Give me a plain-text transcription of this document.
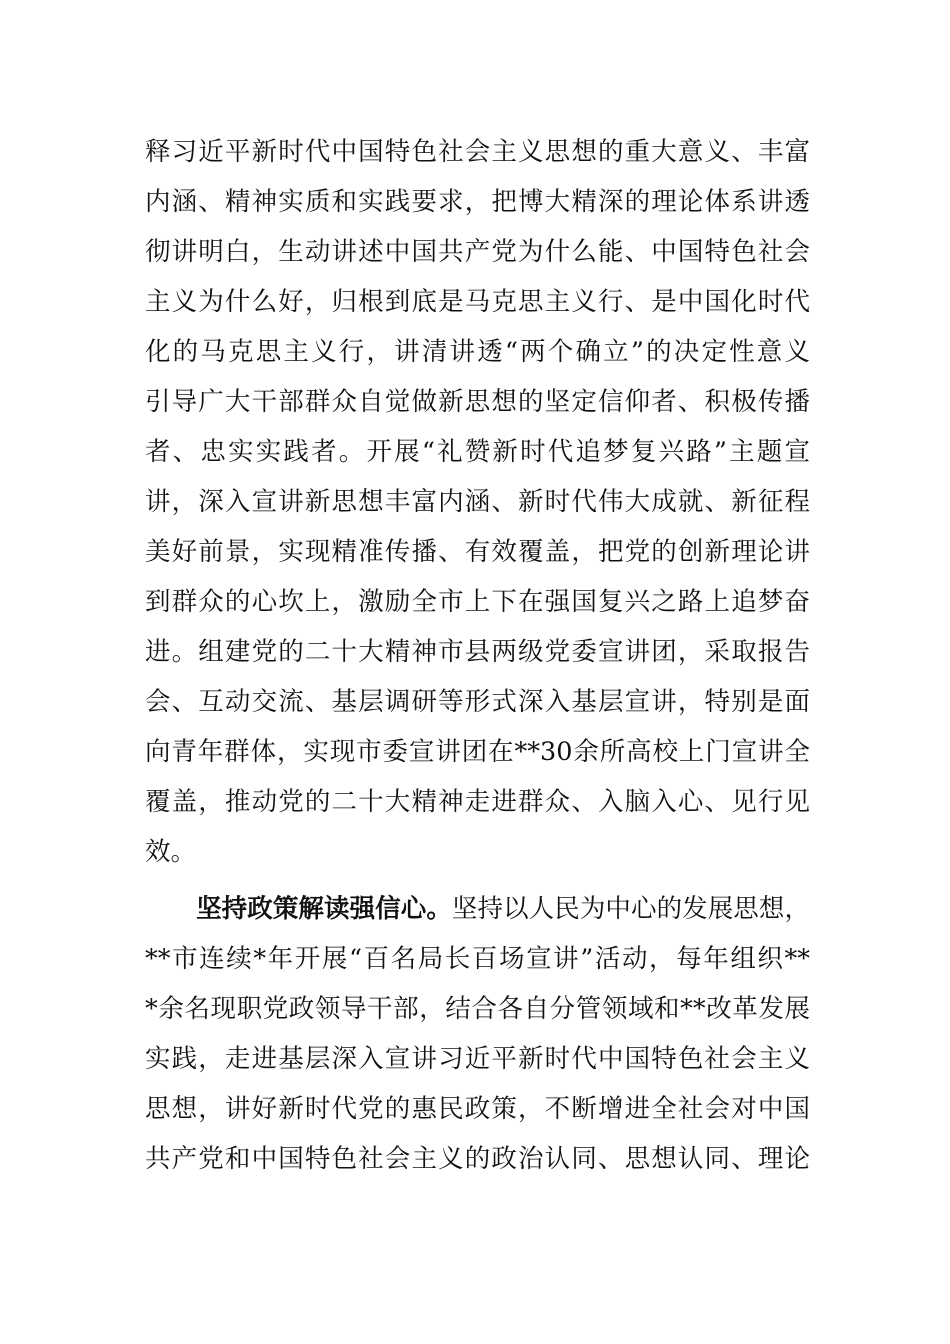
释习近平新时代中国特色社会主义思想的重大意义、丰富
内涵、精神实质和实践要求，把博大精深的理论体系讲透
彻讲明白，生动讲述中国共产党为什么能、中国特色社会
主义为什么好，归根到底是马克思主义行、是中国化时代
化的马克思主义行，讲清讲透“两个确立”的决定性意义
引导广大干部群众自觉做新思想的坚定信仰者、积极传播
者、忠实实践者。开展“礼赞新时代追梦复兴路”主题宣
讲，深入宣讲新思想丰富内涵、新时代伟大成就、新征程
美好前景，实现精准传播、有效覆盖，把党的创新理论讲
到群众的心坎上，激励全市上下在强国复兴之路上追梦奋
进。组建党的二十大精神市县两级党委宣讲团，采取报告
会、互动交流、基层调研等形式深入基层宣讲，特别是面
向青年群体，实现市委宣讲团在**30余所高校上门宣讲全
覆盖，推动党的二十大精神走进群众、入脑入心、见行见
效。
坚持政策解读强信心。坚持以人民为中心的发展思想，
**市连续*年开展“百名局长百场宣讲”活动，每年组织**
*余名现职党政领导干部，结合各自分管领域和**改革发展
实践，走进基层深入宣讲习近平新时代中国特色社会主义
思想，讲好新时代党的惠民政策，不断增进全社会对中国
共产党和中国特色社会主义的政治认同、思想认同、理论
